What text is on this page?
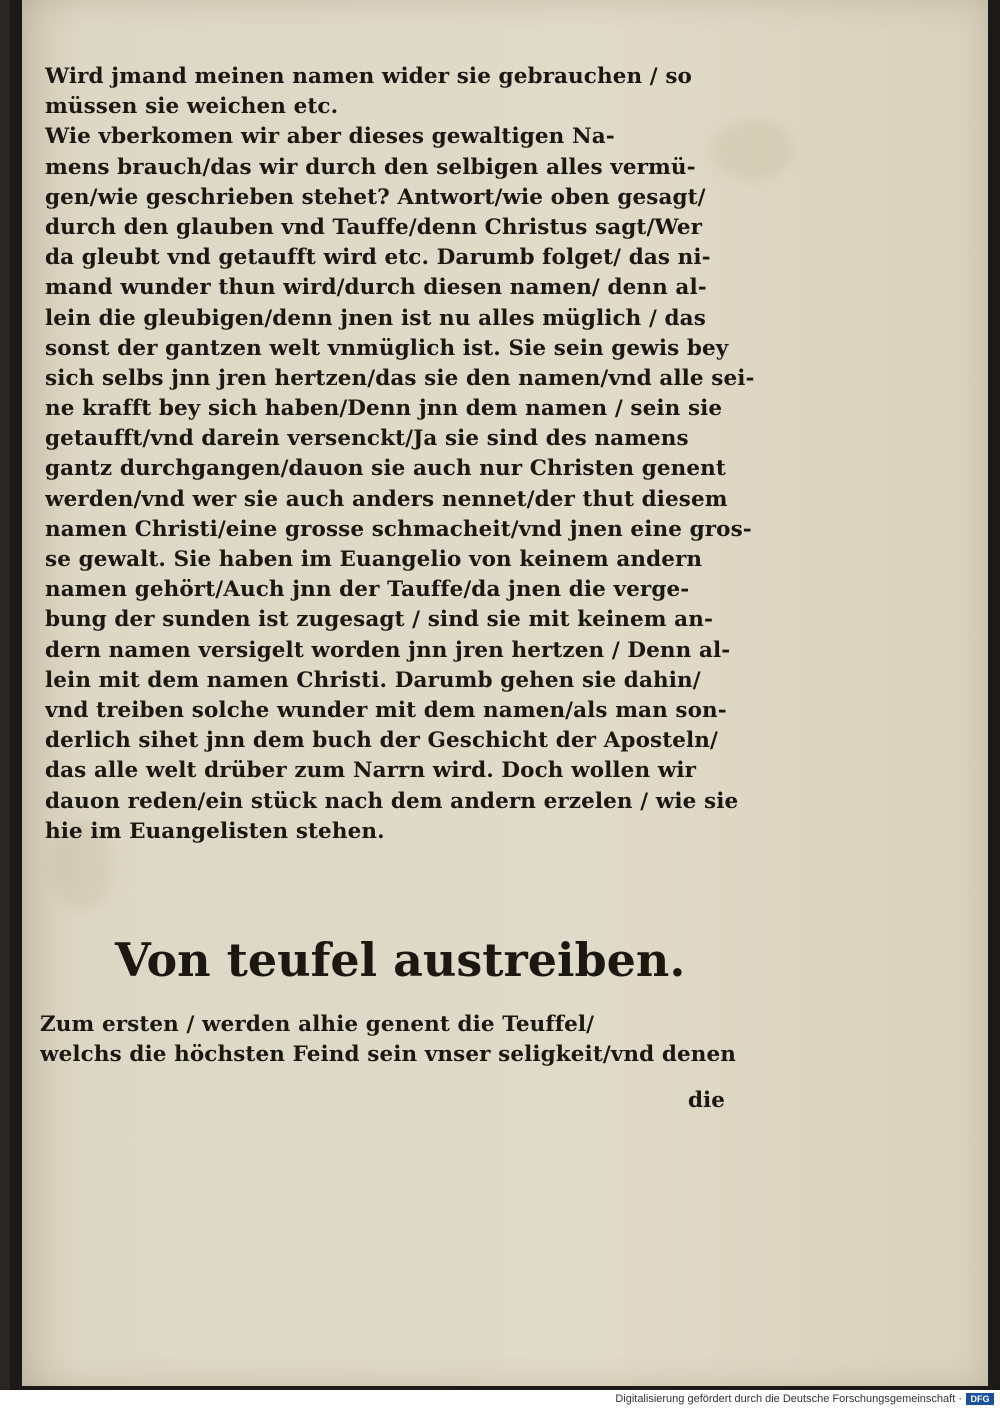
Wird jmand meinen namen wider sie gebrauchen / so
müssen sie weichen etc.
Wie vberkomen wir aber dieses gewaltigen Na-
mens brauch/das wir durch den selbigen alles vermü-
gen/wie geschrieben stehet? Antwort/wie oben gesagt/
durch den glauben vnd Tauffe/denn Christus sagt/Wer
da gleubt vnd getaufft wird etc. Darumb folget/ das ni-
mand wunder thun wird/durch diesen namen/ denn al-
lein die gleubigen/denn jnen ist nu alles müglich / das
sonst der gantzen welt vnmüglich ist. Sie sein gewis bey
sich selbs jnn jren hertzen/das sie den namen/vnd alle sei-
ne krafft bey sich haben/Denn jnn dem namen / sein sie
getaufft/vnd darein versenckt/Ja sie sind des namens
gantz durchgangen/dauon sie auch nur Christen genent
werden/vnd wer sie auch anders nennet/der thut diesem
namen Christi/eine grosse schmacheit/vnd jnen eine gros-
se gewalt. Sie haben im Euangelio von keinem andern
namen gehört/Auch jnn der Tauffe/da jnen die verge-
bung der sunden ist zugesagt / sind sie mit keinem an-
dern namen versigelt worden jnn jren hertzen / Denn al-
lein mit dem namen Christi. Darumb gehen sie dahin/
vnd treiben solche wunder mit dem namen/als man son-
derlich sihet jnn dem buch der Geschicht der Aposteln/
das alle welt drüber zum Narrn wird. Doch wollen wir
dauon reden/ein stück nach dem andern erzelen / wie sie
hie im Euangelisten stehen.
Von teufel austreiben.
Zum ersten / werden alhie genent die Teuffel/
welchs die höchsten Feind sein vnser seligkeit/vnd denen
die
Digitalisierung gefördert durch die Deutsche Forschungsgemeinschaft · DFG
